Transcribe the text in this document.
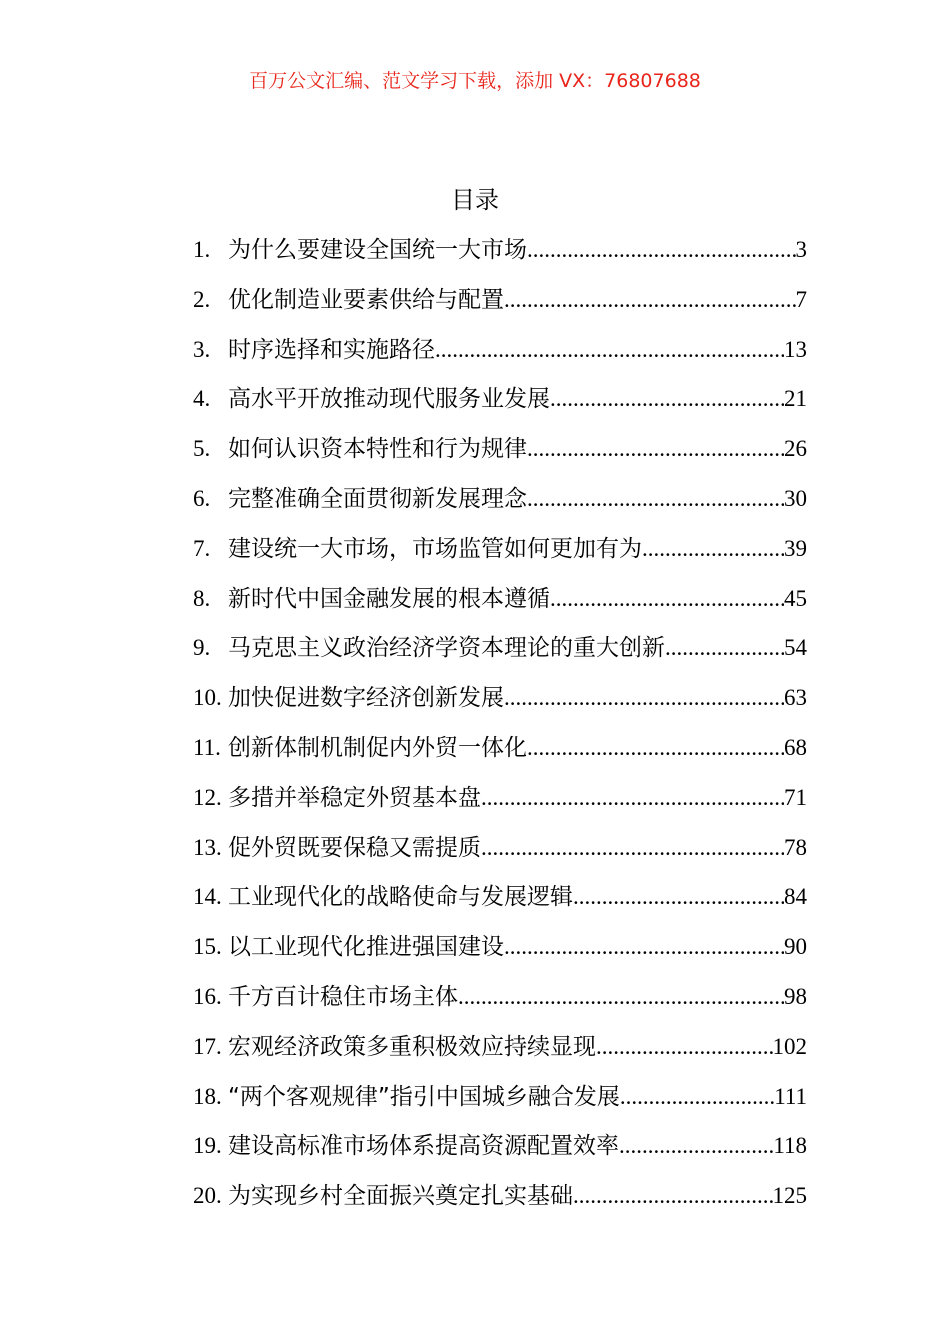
百万公文汇编、范文学习下载，添加 VX：76807688
目录
1. 为什么要建设全国统一大市场 .....	3
2. 优化制造业要素供给与配置 .....	7
3. 时序选择和实施路径 .....	13
4. 高水平开放推动现代服务业发展 .....	21
5. 如何认识资本特性和行为规律 .....	26
6. 完整准确全面贯彻新发展理念 .....	30
7. 建设统一大市场，市场监管如何更加有为 .....	39
8. 新时代中国金融发展的根本遵循 .....	45
9. 马克思主义政治经济学资本理论的重大创新 .....	54
10. 加快促进数字经济创新发展 .....	63
11. 创新体制机制促内外贸一体化 .....	68
12. 多措并举稳定外贸基本盘 .....	71
13. 促外贸既要保稳又需提质 .....	78
14. 工业现代化的战略使命与发展逻辑 .....	84
15. 以工业现代化推进强国建设 .....	90
16. 千方百计稳住市场主体 .....	98
17. 宏观经济政策多重积极效应持续显现 .....	102
18. “两个客观规律”指引中国城乡融合发展 .....	111
19. 建设高标准市场体系提高资源配置效率 .....	118
20. 为实现乡村全面振兴奠定扎实基础 .....	125
